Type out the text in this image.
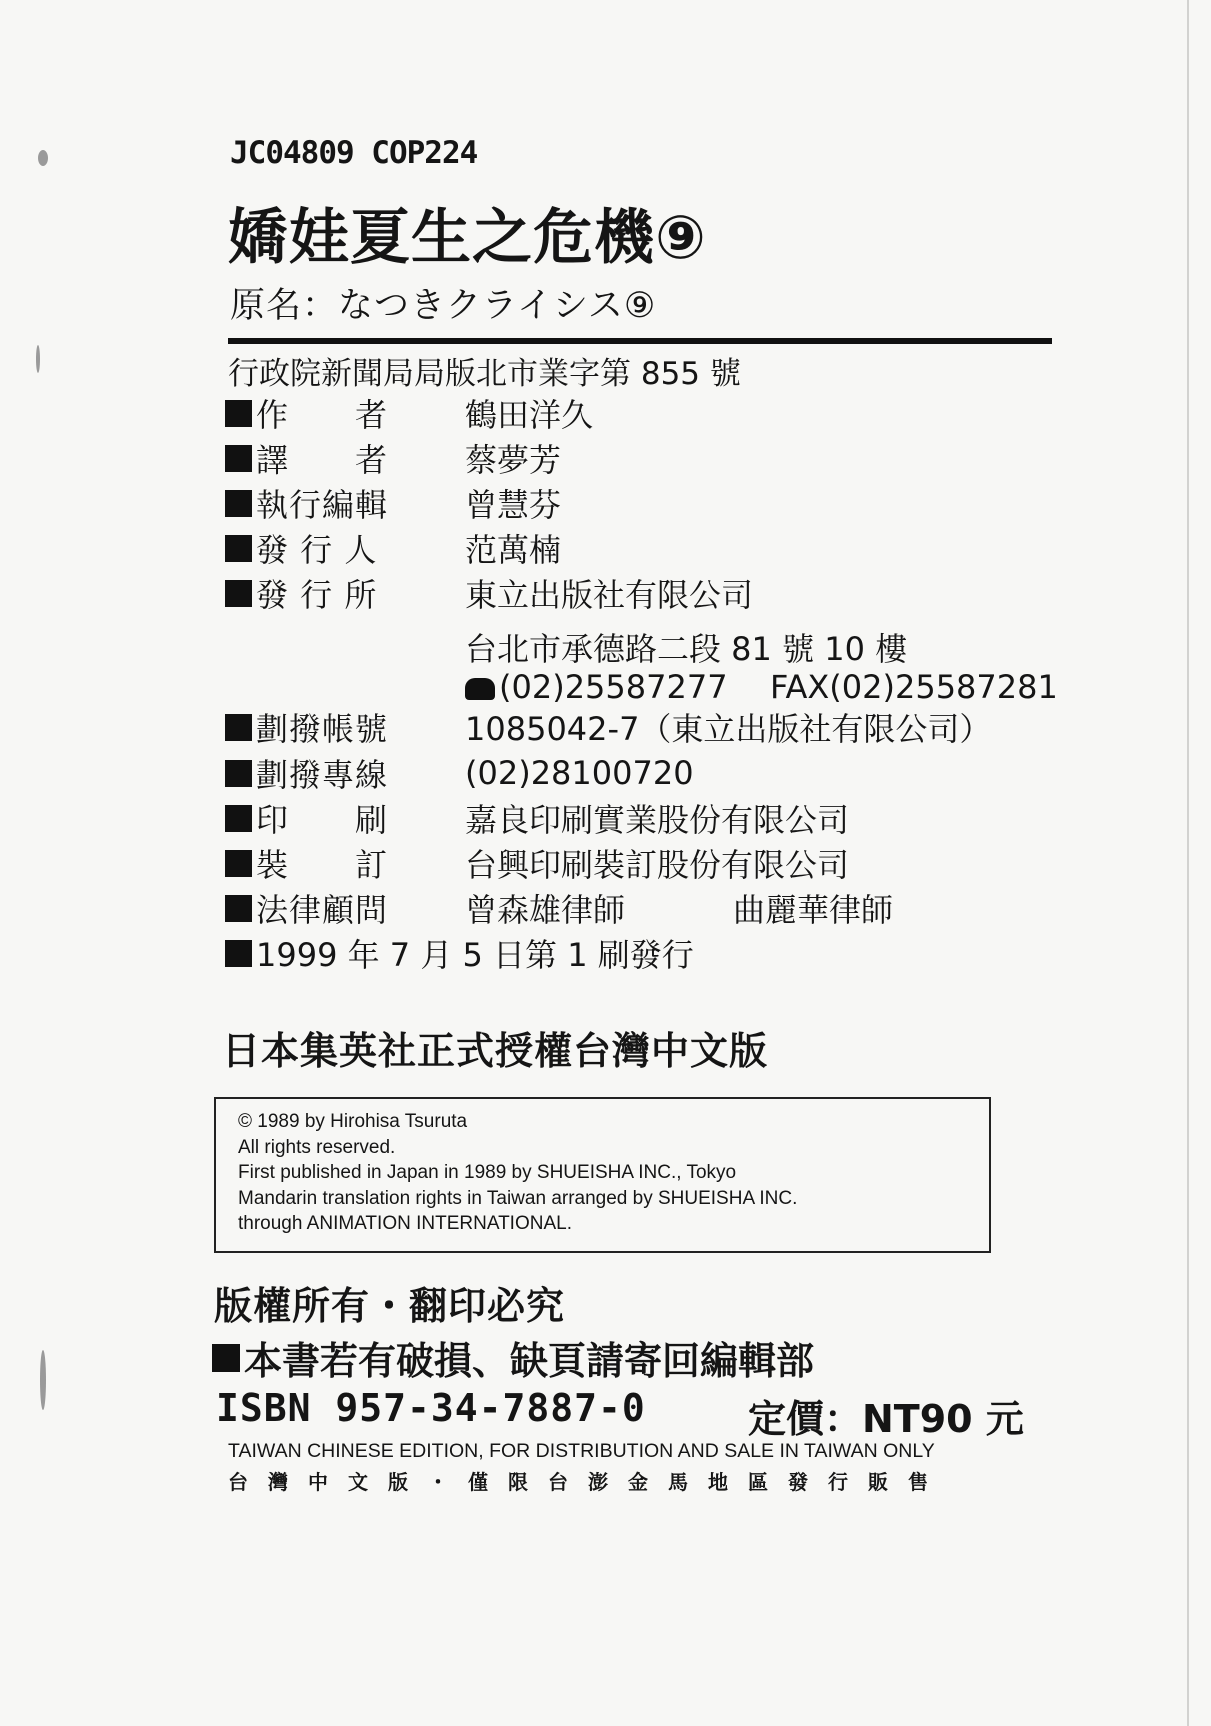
JC04809 COP224
嬌娃夏生之危機⑨
原名：なつきクライシス⑨
行政院新聞局局版北市業字第 855 號
作　　者	鶴田洋久
譯　　者	蔡夢芳
執行編輯	曾慧芬
發 行 人	范萬楠
發 行 所	東立出版社有限公司
台北市承德路二段 81 號 10 樓
(02)25587277 FAX(02)25587281
劃撥帳號	1085042-7（東立出版社有限公司）
劃撥專線	(02)28100720
印　　刷	嘉良印刷實業股份有限公司
裝　　訂	台興印刷裝訂股份有限公司
法律顧問	曾森雄律師	曲麗華律師
1999 年 7 月 5 日第 1 刷發行
日本集英社正式授權台灣中文版
© 1989 by Hirohisa Tsuruta
All rights reserved.
First published in Japan in 1989 by SHUEISHA INC., Tokyo
Mandarin translation rights in Taiwan arranged by SHUEISHA INC.
through ANIMATION INTERNATIONAL.
版權所有・翻印必究
本書若有破損、缺頁請寄回編輯部
ISBN 957-34-7887-0	定價：NT90 元
TAIWAN CHINESE EDITION, FOR DISTRIBUTION AND SALE IN TAIWAN ONLY
台灣中文版・僅限台澎金馬地區發行販售
